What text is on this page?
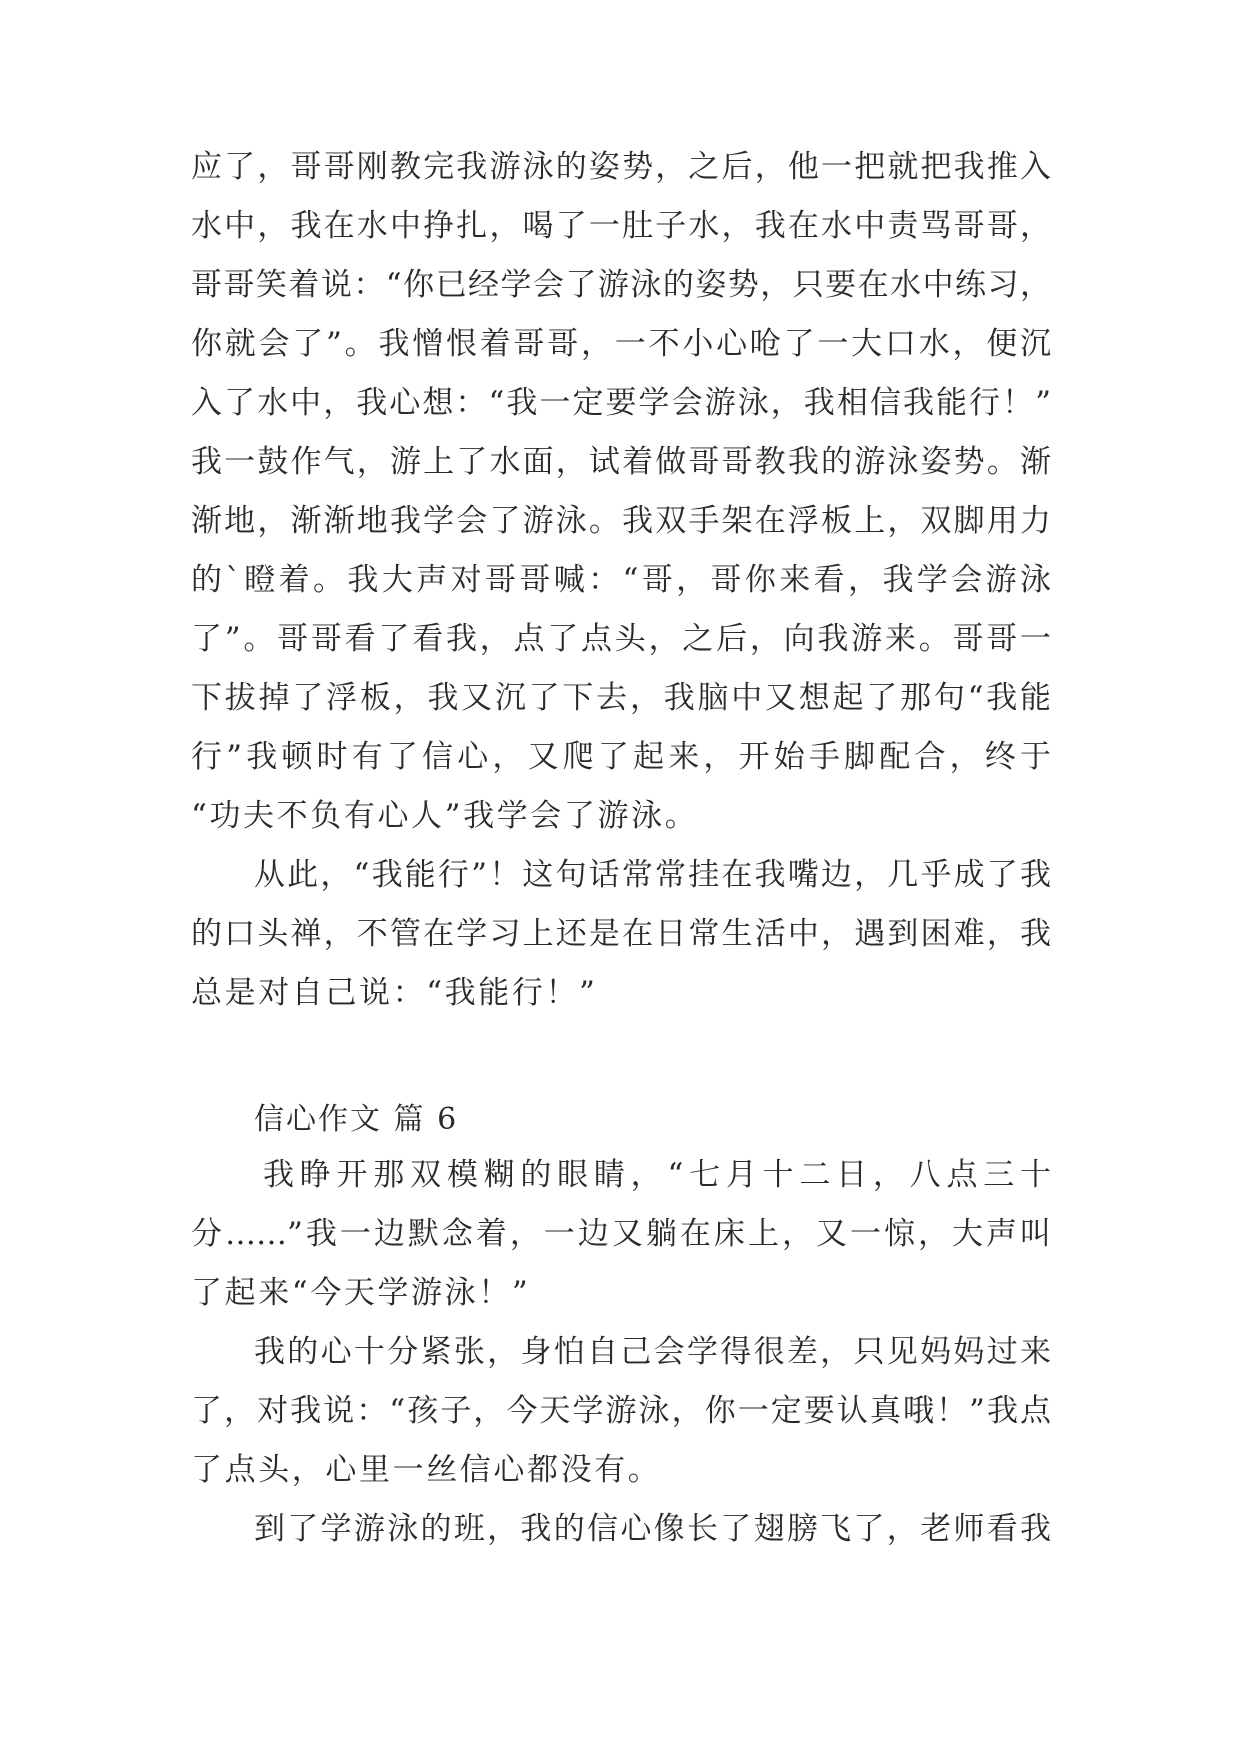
应了，哥哥刚教完我游泳的姿势，之后，他一把就把我推入
水中，我在水中挣扎，喝了一肚子水，我在水中责骂哥哥，
哥哥笑着说：“你已经学会了游泳的姿势，只要在水中练习，
你就会了”。我憎恨着哥哥，一不小心呛了一大口水，便沉
入了水中，我心想：“我一定要学会游泳，我相信我能行！”
我一鼓作气，游上了水面，试着做哥哥教我的游泳姿势。渐
渐地，渐渐地我学会了游泳。我双手架在浮板上，双脚用力
的`瞪着。我大声对哥哥喊：“哥，哥你来看，我学会游泳
了”。哥哥看了看我，点了点头，之后，向我游来。哥哥一
下拔掉了浮板，我又沉了下去，我脑中又想起了那句“我能
行”我顿时有了信心，又爬了起来，开始手脚配合，终于
“功夫不负有心人”我学会了游泳。
从此，“我能行”！这句话常常挂在我嘴边，几乎成了我
的口头禅，不管在学习上还是在日常生活中，遇到困难，我
总是对自己说：“我能行！”
信心作文 篇 6
我睁开那双模糊的眼睛，“七月十二日，八点三十
分……”我一边默念着，一边又躺在床上，又一惊，大声叫
了起来“今天学游泳！”
我的心十分紧张，身怕自己会学得很差，只见妈妈过来
了，对我说：“孩子，今天学游泳，你一定要认真哦！”我点
了点头，心里一丝信心都没有。
到了学游泳的班，我的信心像长了翅膀飞了，老师看我
